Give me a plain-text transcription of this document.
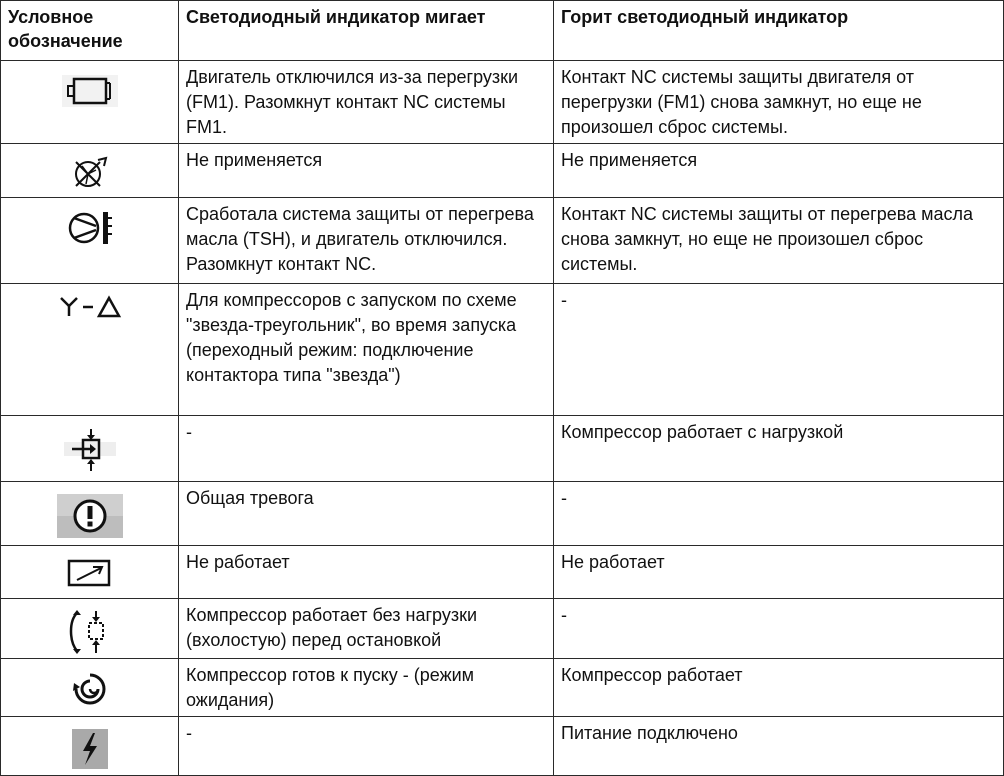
Условное обозначение	Светодиодный индикатор мигает	Горит светодиодный индикатор

	Двигатель отключился из-за перегрузки (FM1). Разомкнут контакт NC системы FM1.	Контакт NC системы защиты двигателя от перегрузки (FM1) снова замкнут, но еще не произошел сброс системы.

	Не применяется	Не применяется

	Сработала система защиты от перегрева масла (TSH), и двигатель отключился. Разомкнут контакт NC.	Контакт NC системы защиты от перегрева масла снова замкнут, но еще не произошел сброс системы.

	Для компрессоров с запуском по схеме "звезда-треугольник", во время запуска (переходный режим: подключение контактора типа "звезда")	-

	-	Компрессор работает с нагрузкой

	Общая тревога	-

	Не работает	Не работает

	Компрессор работает без нагрузки (вхолостую) перед остановкой	-

	Компрессор готов к пуску - (режим ожидания)	Компрессор работает

	-	Питание подключено
